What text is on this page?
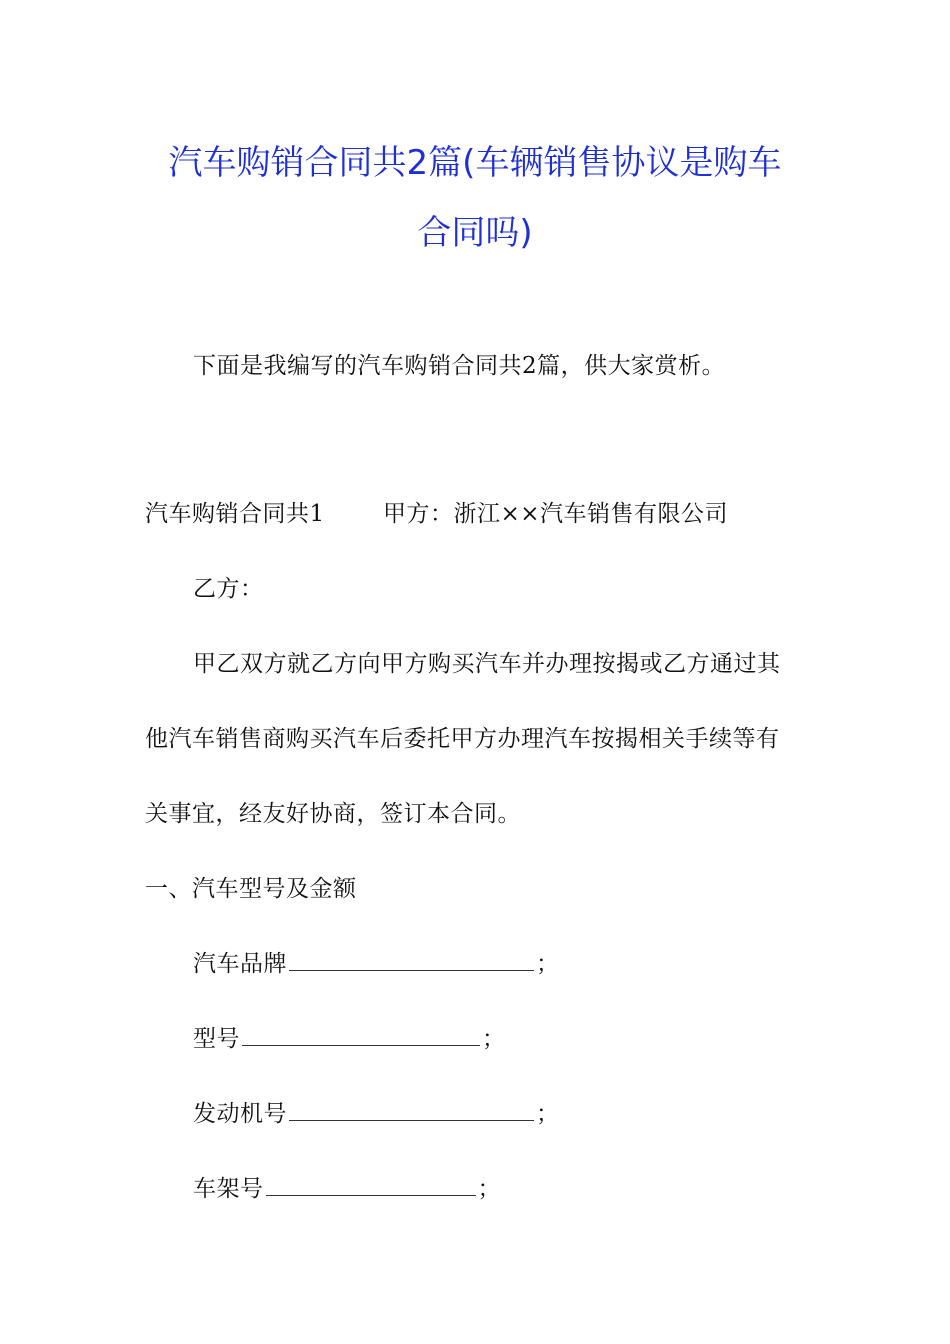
汽车购销合同共2篇(车辆销售协议是购车
合同吗)
下面是我编写的汽车购销合同共2篇，供大家赏析。
汽车购销合同共1	甲方：浙江××汽车销售有限公司
乙方：
甲乙双方就乙方向甲方购买汽车并办理按揭或乙方通过其
他汽车销售商购买汽车后委托甲方办理汽车按揭相关手续等有
关事宜，经友好协商，签订本合同。
一、汽车型号及金额
汽车品牌	；
型号	；
发动机号	；
车架号	；
